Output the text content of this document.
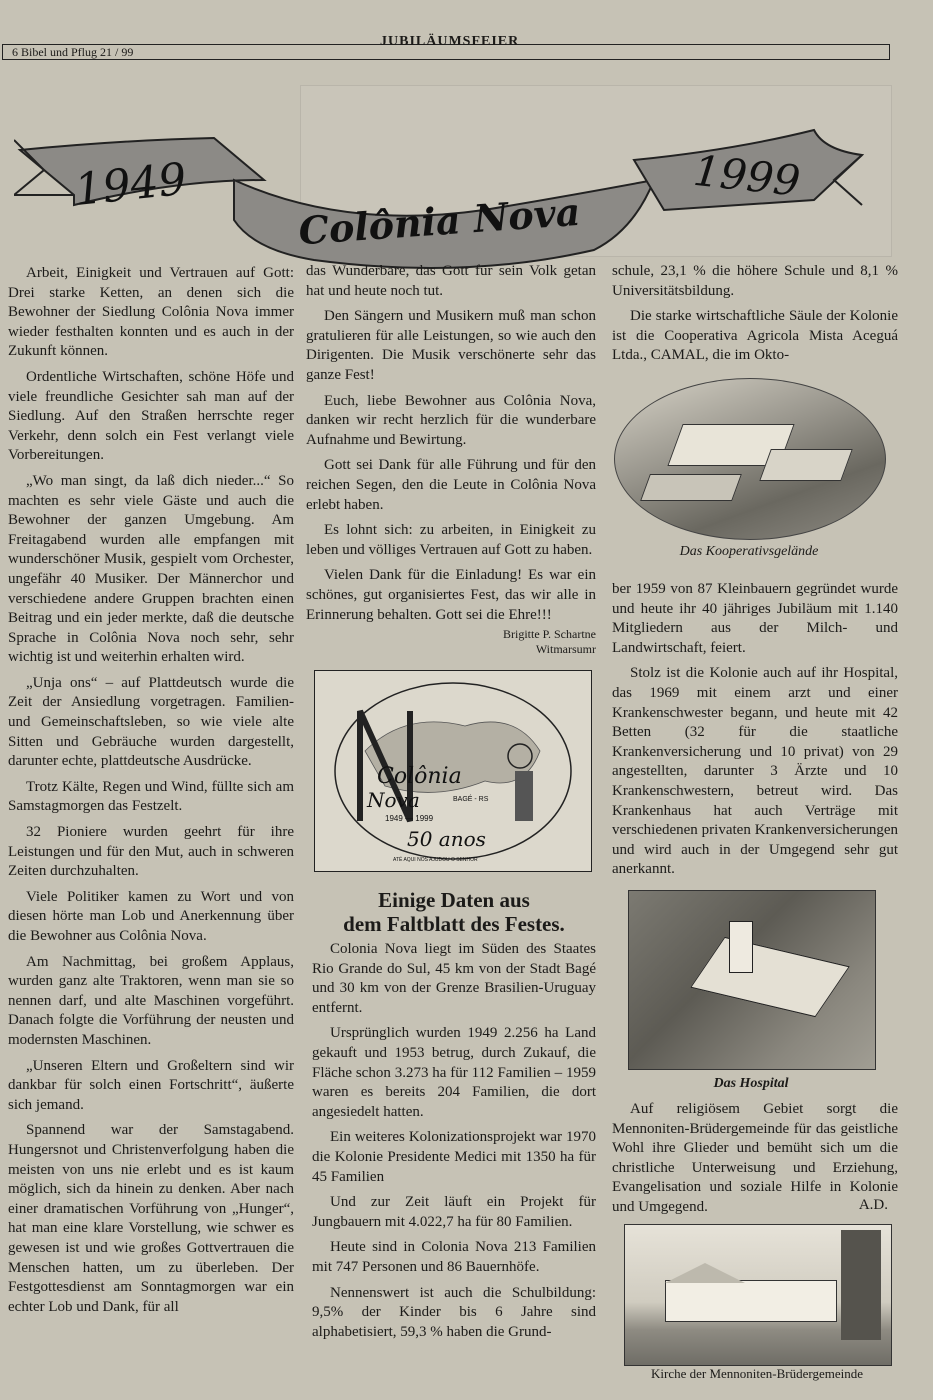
6 Bibel und Pflug 21 / 99
JUBILÄUMSFEIER
1949	1999
Colônia Nova

Arbeit, Einigkeit und Vertrauen auf Gott: Drei starke Ketten, an denen sich die Bewohner der Siedlung Colônia Nova immer wieder festhalten konnten und es auch in der Zukunft können.

Ordentliche Wirtschaften, schöne Höfe und viele freundliche Gesichter sah man auf der Siedlung. Auf den Straßen herrschte reger Verkehr, denn solch ein Fest verlangt viele Vorbereitungen.

„Wo man singt, da laß dich nieder...“ So machten es sehr viele Gäste und auch die Bewohner der ganzen Umgebung. Am Freitagabend wurden alle empfangen mit wunderschöner Musik, gespielt vom Orchester, ungefähr 40 Musiker. Der Männerchor und verschiedene andere Gruppen brachten einen Beitrag und ein jeder merkte, daß die deutsche Sprache in Colônia Nova noch sehr, sehr wichtig ist und weiterhin erhalten wird.

„Unja ons“ – auf Plattdeutsch wurde die Zeit der Ansiedlung vorgetragen. Familien- und Gemeinschaftsleben, so wie viele alte Sitten und Gebräuche wurden dargestellt, darunter echte, plattdeutsche Ausdrücke.

Trotz Kälte, Regen und Wind, füllte sich am Samstagmorgen das Festzelt.

32 Pioniere wurden geehrt für ihre Leistungen und für den Mut, auch in schweren Zeiten durchzuhalten.

Viele Politiker kamen zu Wort und von diesen hörte man Lob und Anerkennung über die Bewohner aus Colônia Nova.

Am Nachmittag, bei großem Applaus, wurden ganz alte Traktoren, wenn man sie so nennen darf, und alte Maschinen vorgeführt. Danach folgte die Vorführung der neusten und modernsten Maschinen.

„Unseren Eltern und Großeltern sind wir dankbar für solch einen Fortschritt“, äußerte sich jemand.

Spannend war der Samstagabend. Hungersnot und Christenverfolgung haben die meisten von uns nie erlebt und es ist kaum möglich, sich da hinein zu denken. Aber nach einer dramatischen Vorführung von „Hunger“, hat man eine klare Vorstellung, wie schwer es gewesen ist und wie großes Gottvertrauen die Menschen hatten, um zu überleben. Der Festgottesdienst am Sonntagmorgen war ein echter Lob und Dank, für all

das Wunderbare, das Gott für sein Volk getan hat und heute noch tut.

Den Sängern und Musikern muß man schon gratulieren für alle Leistungen, so wie auch den Dirigenten. Die Musik verschönerte sehr das ganze Fest!

Euch, liebe Bewohner aus Colônia Nova, danken wir recht herzlich für die wunderbare Aufnahme und Bewirtung.

Gott sei Dank für alle Führung und für den reichen Segen, den die Leute in Colônia Nova erlebt haben.

Es lohnt sich: zu arbeiten, in Einigkeit zu leben und völliges Vertrauen auf Gott zu haben.

Vielen Dank für die Einladung! Es war ein schönes, gut organisiertes Fest, das wir alle in Erinnerung behalten. Gott sei die Ehre!!!

Brigitte P. Schartne
Witmarsumr
Colônia
Nova	BAGÉ - RS
1949 — 1999
50 anos
ATÉ AQUI NOS AJUDOU O SENHOR
Einige Daten aus
dem Faltblatt des Festes.

Colonia Nova liegt im Süden des Staates Rio Grande do Sul, 45 km von der Stadt Bagé und 30 km von der Grenze Brasilien-Uruguay entfernt.

Ursprünglich wurden 1949 2.256 ha Land gekauft und 1953 betrug, durch Zukauf, die Fläche schon 3.273 ha für 112 Familien – 1959 waren es bereits 204 Familien, die dort angesiedelt hatten.

Ein weiteres Kolonizationsprojekt war 1970 die Kolonie Presidente Medici mit 1350 ha für 45 Familien

Und zur Zeit läuft ein Projekt für Jungbauern mit 4.022,7 ha für 80 Familien.

Heute sind in Colonia Nova 213 Familien mit 747 Personen und 86 Bauernhöfe.

Nennenswert ist auch die Schulbildung: 9,5% der Kinder bis 6 Jahre sind alphabetisiert, 59,3 % haben die Grund-

schule, 23,1 % die höhere Schule und 8,1 % Universitätsbildung.

Die starke wirtschaftliche Säule der Kolonie ist die Cooperativa Agricola Mista Aceguá Ltda., CAMAL, die im Okto-

Das Kooperativsgelände

ber 1959 von 87 Kleinbauern gegründet wurde und heute ihr 40 jähriges Jubiläum mit 1.140 Mitgliedern aus der Milch- und Landwirtschaft, feiert.

Stolz ist die Kolonie auch auf ihr Hospital, das 1969 mit einem arzt und einer Krankenschwester begann, und heute mit 42 Betten (32 für die staatliche Krankenversicherung und 10 privat) von 29 angestellten, darunter 3 Ärzte und 10 Krankenschwestern, betreut wird. Das Krankenhaus hat auch Verträge mit verschiedenen privaten Krankenversicherungen und wird auch in der Umgegend sehr gut anerkannt.

Das Hospital

Auf religiösem Gebiet sorgt die Mennoniten-Brüdergemeinde für das geistliche Wohl ihre Glieder und bemüht sich um die christliche Unterweisung und Erziehung, Evangelisation und soziale Hilfe in Kolonie und Umgegend.	A.D.
Kirche der Mennoniten-Brüdergemeinde
